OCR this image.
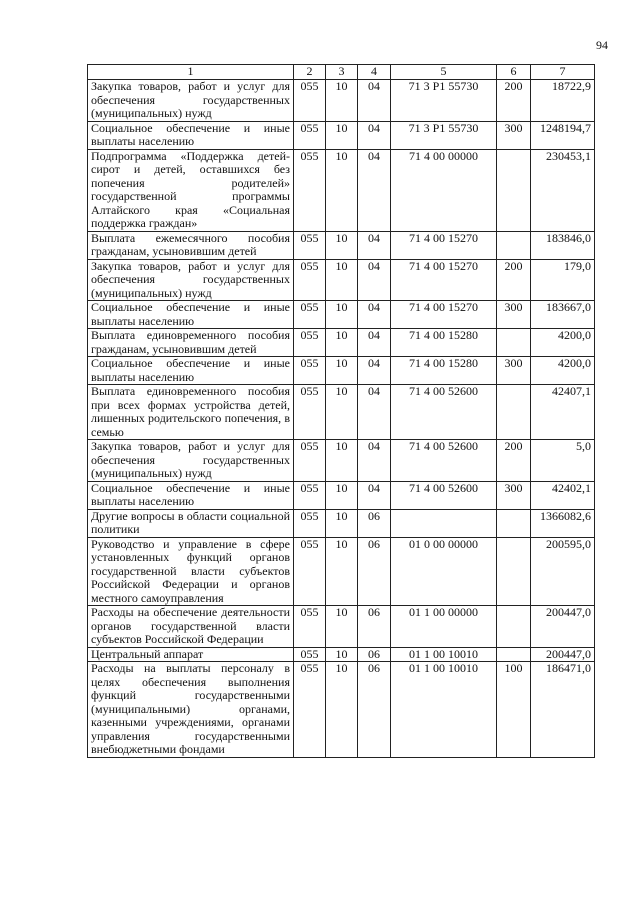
94
1	2	3	4	5	6	7
Закупка товаров, работ и услуг для обеспечения государственных (муниципальных) нужд	055	10	04	71 3 P1 55730	200	18722,9
Социальное обеспечение и иные выплаты населению	055	10	04	71 3 P1 55730	300	1248194,7
Подпрограмма «Поддержка детей-сирот и детей, оставшихся без попечения родителей» государственной программы Алтайского края «Социальная поддержка граждан»	055	10	04	71 4 00 00000		230453,1
Выплата ежемесячного пособия гражданам, усыновившим детей	055	10	04	71 4 00 15270		183846,0
Закупка товаров, работ и услуг для обеспечения государственных (муниципальных) нужд	055	10	04	71 4 00 15270	200	179,0
Социальное обеспечение и иные выплаты населению	055	10	04	71 4 00 15270	300	183667,0
Выплата единовременного пособия гражданам, усыновившим детей	055	10	04	71 4 00 15280		4200,0
Социальное обеспечение и иные выплаты населению	055	10	04	71 4 00 15280	300	4200,0
Выплата единовременного пособия при всех формах устройства детей, лишенных родительского попечения, в семью	055	10	04	71 4 00 52600		42407,1
Закупка товаров, работ и услуг для обеспечения государственных (муниципальных) нужд	055	10	04	71 4 00 52600	200	5,0
Социальное обеспечение и иные выплаты населению	055	10	04	71 4 00 52600	300	42402,1
Другие вопросы в области социальной политики	055	10	06			1366082,6
Руководство и управление в сфере установленных функций органов государственной власти субъектов Российской Федерации и органов местного самоуправления	055	10	06	01 0 00 00000		200595,0
Расходы на обеспечение деятельности органов государственной власти субъектов Российской Федерации	055	10	06	01 1 00 00000		200447,0
Центральный аппарат	055	10	06	01 1 00 10010		200447,0
Расходы на выплаты персоналу в целях обеспечения выполнения функций государственными (муниципальными) органами, казенными учреждениями, органами управления государственными внебюджетными фондами	055	10	06	01 1 00 10010	100	186471,0
